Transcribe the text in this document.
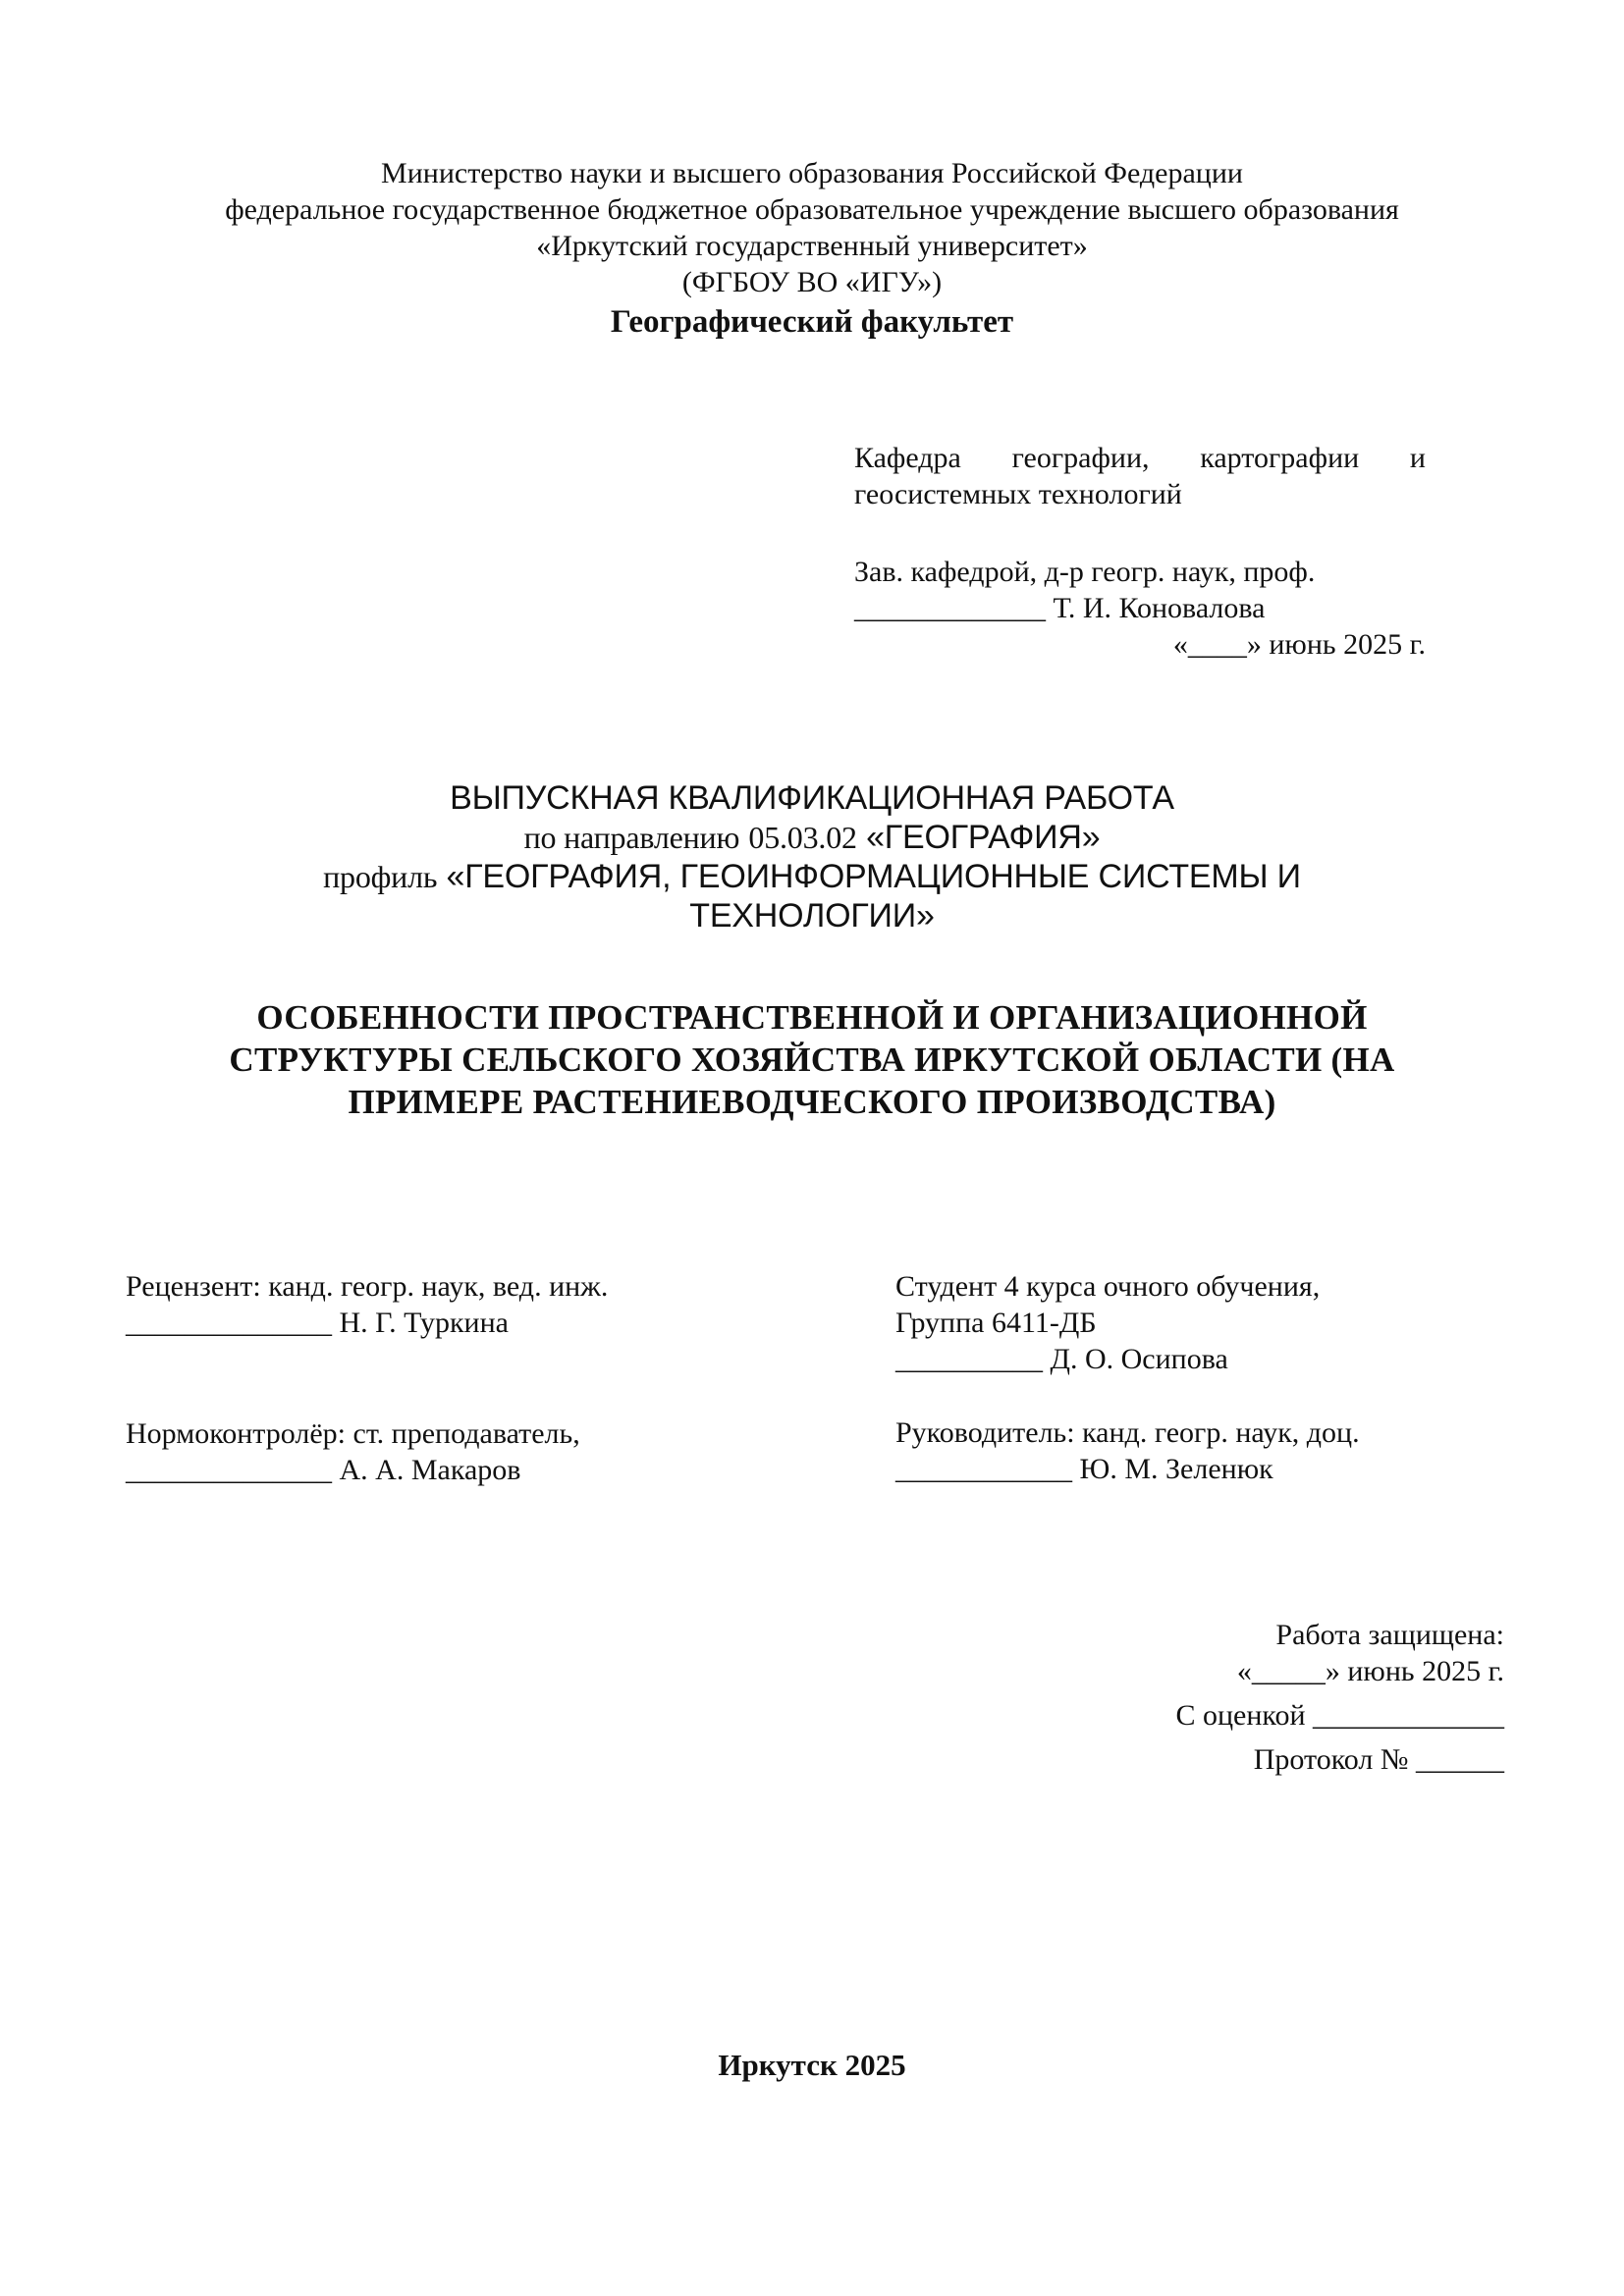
Министерство науки и высшего образования Российской Федерации
федеральное государственное бюджетное образовательное учреждение высшего образования
«Иркутский государственный университет»
(ФГБОУ ВО «ИГУ»)
Географический факультет
Кафедра географии, картографии и
геосистемных технологий
Зав. кафедрой, д-р геогр. наук, проф.
_____________ Т. И. Коновалова
«____» июнь 2025 г.
ВЫПУСКНАЯ КВАЛИФИКАЦИОННАЯ РАБОТА
по направлению 05.03.02 «ГЕОГРАФИЯ»
профиль «ГЕОГРАФИЯ, ГЕОИНФОРМАЦИОННЫЕ СИСТЕМЫ И
ТЕХНОЛОГИИ»
ОСОБЕННОСТИ ПРОСТРАНСТВЕННОЙ И ОРГАНИЗАЦИОННОЙ
СТРУКТУРЫ СЕЛЬСКОГО ХОЗЯЙСТВА ИРКУТСКОЙ ОБЛАСТИ (НА
ПРИМЕРЕ РАСТЕНИЕВОДЧЕСКОГО ПРОИЗВОДСТВА)
Рецензент: канд. геогр. наук, вед. инж.
______________ Н. Г. Туркина
Нормоконтролёр: ст. преподаватель,
______________ А. А. Макаров
Студент 4 курса очного обучения,
Группа 6411-ДБ
__________ Д. О. Осипова
Руководитель: канд. геогр. наук, доц.
____________ Ю. М. Зеленюк
Работа защищена:
«_____» июнь 2025 г.
С оценкой _____________
Протокол № ______
Иркутск 2025
